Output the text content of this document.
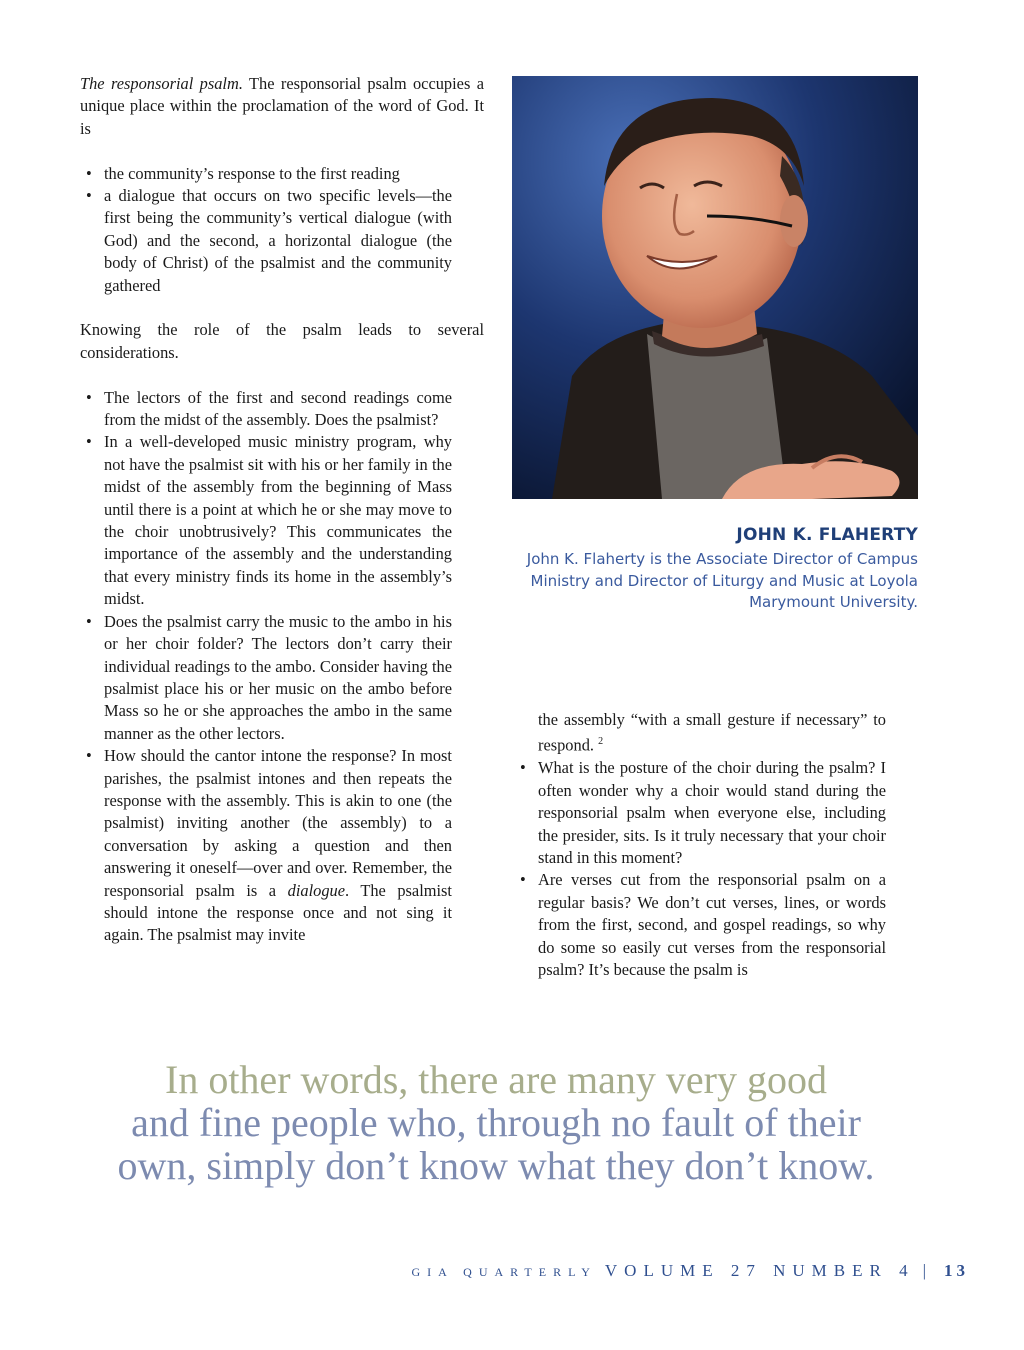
The responsorial psalm. The responsorial psalm occupies a unique place within the proclamation of the word of God. It is

• the community’s response to the first reading
• a dialogue that occurs on two specific levels—the first being the community’s vertical dialogue (with God) and the second, a horizontal dialogue (the body of Christ) of the psalmist and the community gathered

Knowing the role of the psalm leads to several considerations.

• The lectors of the first and second readings come from the midst of the assembly. Does the psalmist?
• In a well-developed music ministry program, why not have the psalmist sit with his or her family in the midst of the assembly from the beginning of Mass until there is a point at which he or she may move to the choir unobtrusively? This communicates the importance of the assembly and the understanding that every ministry finds its home in the assembly’s midst.
• Does the psalmist carry the music to the ambo in his or her choir folder? The lectors don’t carry their individual readings to the ambo. Consider having the psalmist place his or her music on the ambo before Mass so he or she approaches the ambo in the same manner as the other lectors.
• How should the cantor intone the response? In most parishes, the psalmist intones and then repeats the response with the assembly. This is akin to one (the psalmist) inviting another (the assembly) to a conversation by asking a question and then answering it oneself—over and over. Remember, the responsorial psalm is a dialogue. The psalmist should intone the response once and not sing it again. The psalmist may invite
JOHN K. FLAHERTY
John K. Flaherty is the Associate Director of Campus Ministry and Director of Liturgy and Music at Loyola Marymount University.
the assembly “with a small gesture if necessary” to respond. $^2$
• What is the posture of the choir during the psalm? I often wonder why a choir would stand during the responsorial psalm when everyone else, including the presider, sits. Is it truly necessary that your choir stand in this moment?
• Are verses cut from the responsorial psalm on a regular basis? We don’t cut verses, lines, or words from the first, second, and gospel readings, so why do some so easily cut verses from the responsorial psalm? It’s because the psalm is
In other words, there are many very good
and fine people who, through no fault of their
own, simply don’t know what they don’t know.
GIA QUARTERLY VOLUME 27 NUMBER 4 | 13
